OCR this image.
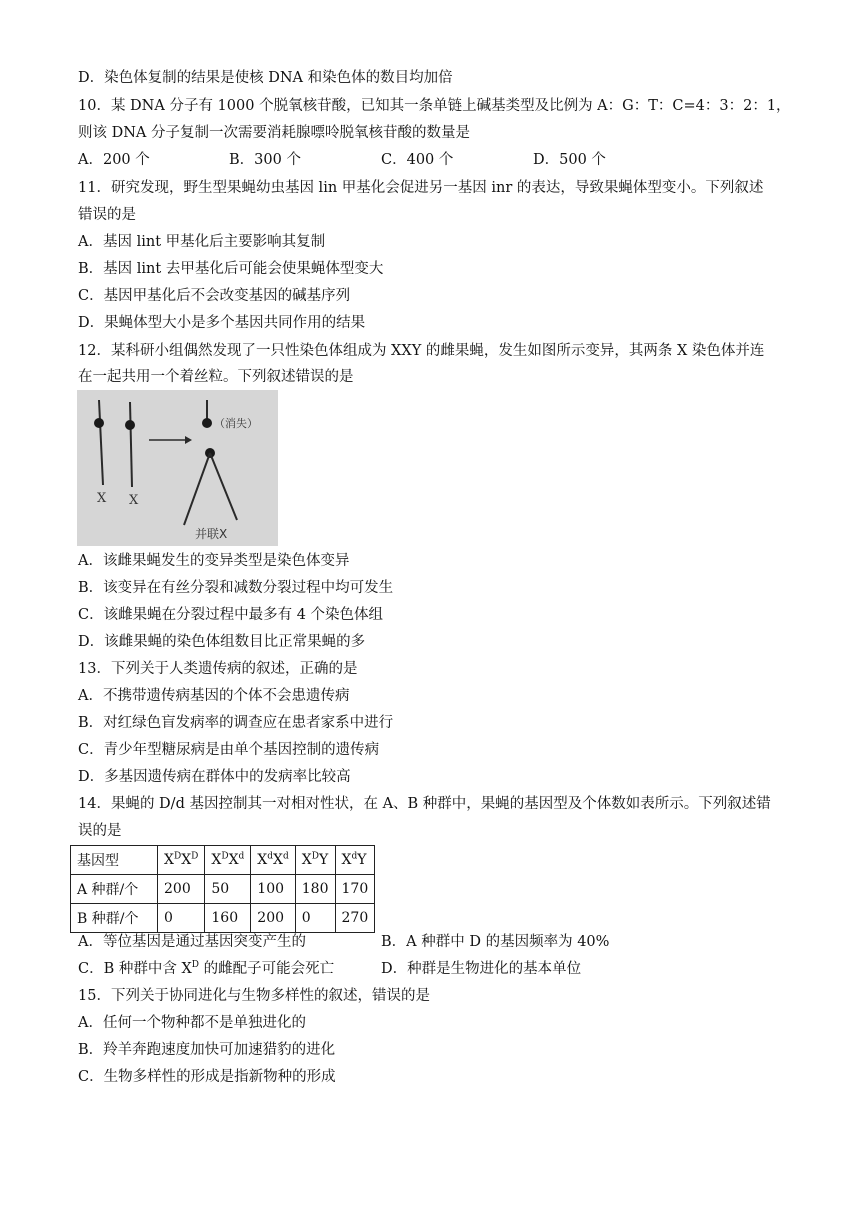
D．染色体复制的结果是使核 DNA 和染色体的数目均加倍
10．某 DNA 分子有 1000 个脱氧核苷酸，已知其一条单链上碱基类型及比例为 A：G：T：C=4：3：2：1，
则该 DNA 分子复制一次需要消耗腺嘌呤脱氧核苷酸的数量是
A．200 个	B．300 个	C．400 个	D．500 个
11．研究发现，野生型果蝇幼虫基因 lin 甲基化会促进另一基因 inr 的表达，导致果蝇体型变小。下列叙述
错误的是
A．基因 lint 甲基化后主要影响其复制
B．基因 lint 去甲基化后可能会使果蝇体型变大
C．基因甲基化后不会改变基因的碱基序列
D．果蝇体型大小是多个基因共同作用的结果
12．某科研小组偶然发现了一只性染色体组成为 XXY 的雌果蝇，发生如图所示变异，其两条 X 染色体并连
在一起共用一个着丝粒。下列叙述错误的是
X X
（消失）
并联X
A．该雌果蝇发生的变异类型是染色体变异
B．该变异在有丝分裂和减数分裂过程中均可发生
C．该雌果蝇在分裂过程中最多有 4 个染色体组
D．该雌果蝇的染色体组数目比正常果蝇的多
13．下列关于人类遗传病的叙述，正确的是
A．不携带遗传病基因的个体不会患遗传病
B．对红绿色盲发病率的调查应在患者家系中进行
C．青少年型糖尿病是由单个基因控制的遗传病
D．多基因遗传病在群体中的发病率比较高
14．果蝇的 D/d 基因控制其一对相对性状，在 A、B 种群中，果蝇的基因型及个体数如表所示。下列叙述错
误的是
基因型	$X^DX^D$	$X^DX^d$	$X^dX^d$	$X^DY$	$X^dY$
A 种群/个	200	50	100	180	170
B 种群/个	0	160	200	0	270
A．等位基因是通过基因突变产生的	B．A 种群中 D 的基因频率为 40%
C．B 种群中含 $X^D$ 的雌配子可能会死亡	D．种群是生物进化的基本单位
15．下列关于协同进化与生物多样性的叙述，错误的是
A．任何一个物种都不是单独进化的
B．羚羊奔跑速度加快可加速猎豹的进化
C．生物多样性的形成是指新物种的形成
